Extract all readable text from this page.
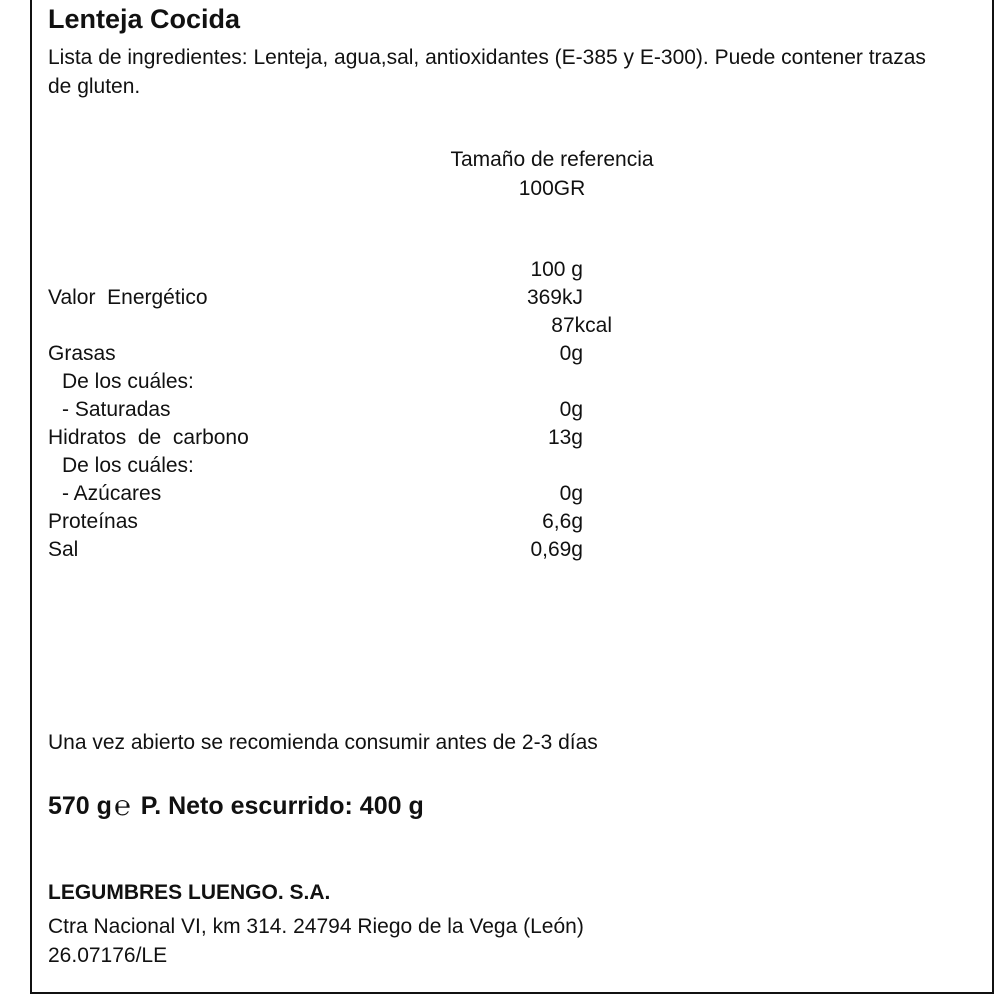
Lenteja Cocida
Lista de ingredientes: Lenteja, agua,sal, antioxidantes (E-385 y E-300). Puede contener trazas de gluten.
Tamaño de referencia
100GR
100 g
Valor  Energético	369kJ
87kcal
Grasas	0g
De los cuáles:
- Saturadas	0g
Hidratos  de  carbono	13g
De los cuáles:
- Azúcares	0g
Proteínas	6,6g
Sal	0,69g
Una vez abierto se recomienda consumir antes de 2-3 días
570 g℮ P. Neto escurrido: 400 g
LEGUMBRES LUENGO. S.A.
Ctra Nacional VI, km 314. 24794 Riego de la Vega (León)
26.07176/LE
